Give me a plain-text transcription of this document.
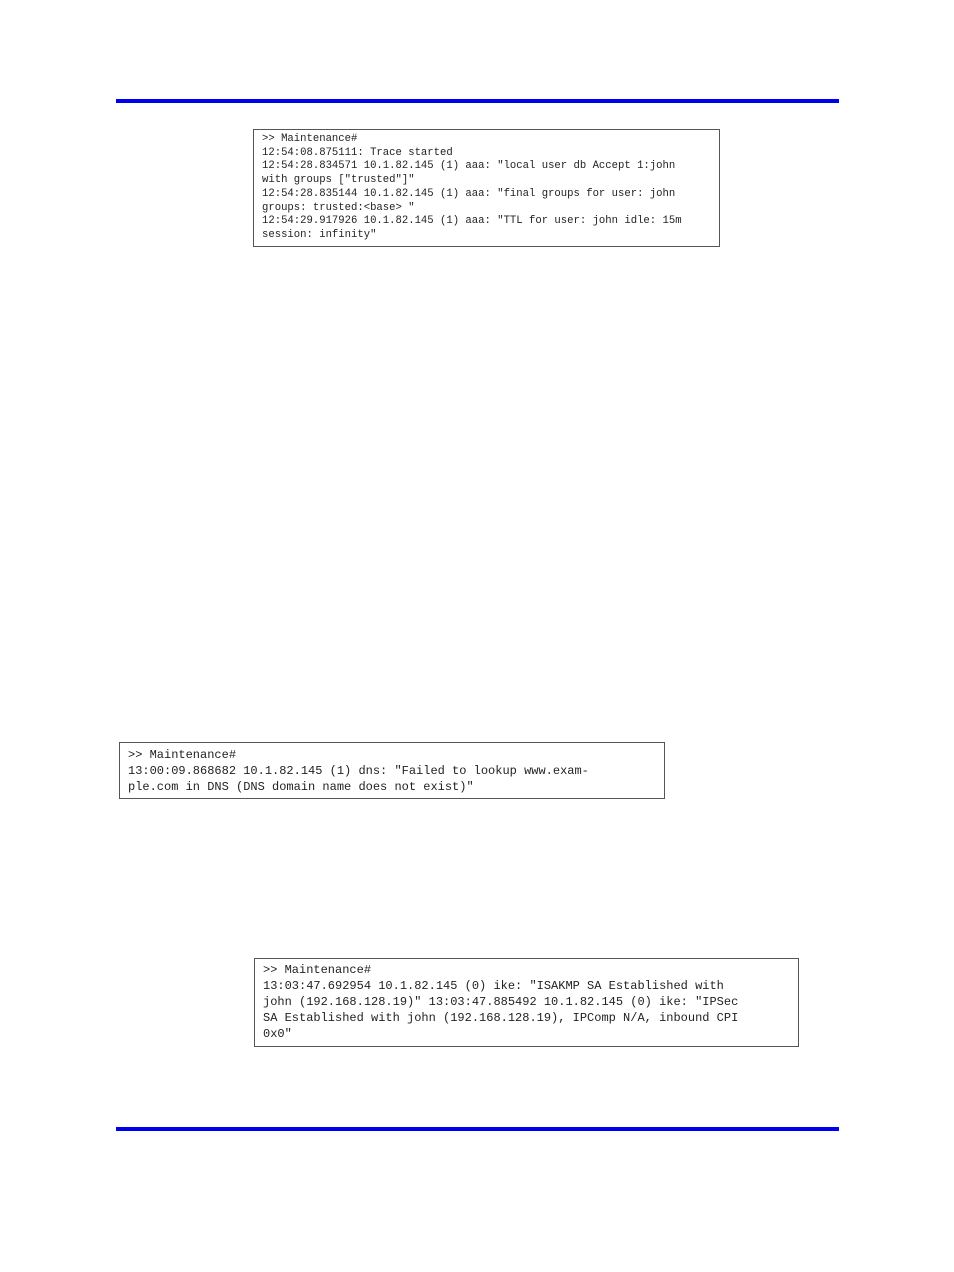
>> Maintenance#
12:54:08.875111: Trace started
12:54:28.834571 10.1.82.145 (1) aaa: "local user db Accept 1:john
with groups ["trusted"]"
12:54:28.835144 10.1.82.145 (1) aaa: "final groups for user: john
groups: trusted:<base> "
12:54:29.917926 10.1.82.145 (1) aaa: "TTL for user: john idle: 15m
session: infinity"
>> Maintenance#
13:00:09.868682 10.1.82.145 (1) dns: "Failed to lookup www.exam-
ple.com in DNS (DNS domain name does not exist)"
>> Maintenance#
13:03:47.692954 10.1.82.145 (0) ike: "ISAKMP SA Established with
john (192.168.128.19)" 13:03:47.885492 10.1.82.145 (0) ike: "IPSec
SA Established with john (192.168.128.19), IPComp N/A, inbound CPI
0x0"
